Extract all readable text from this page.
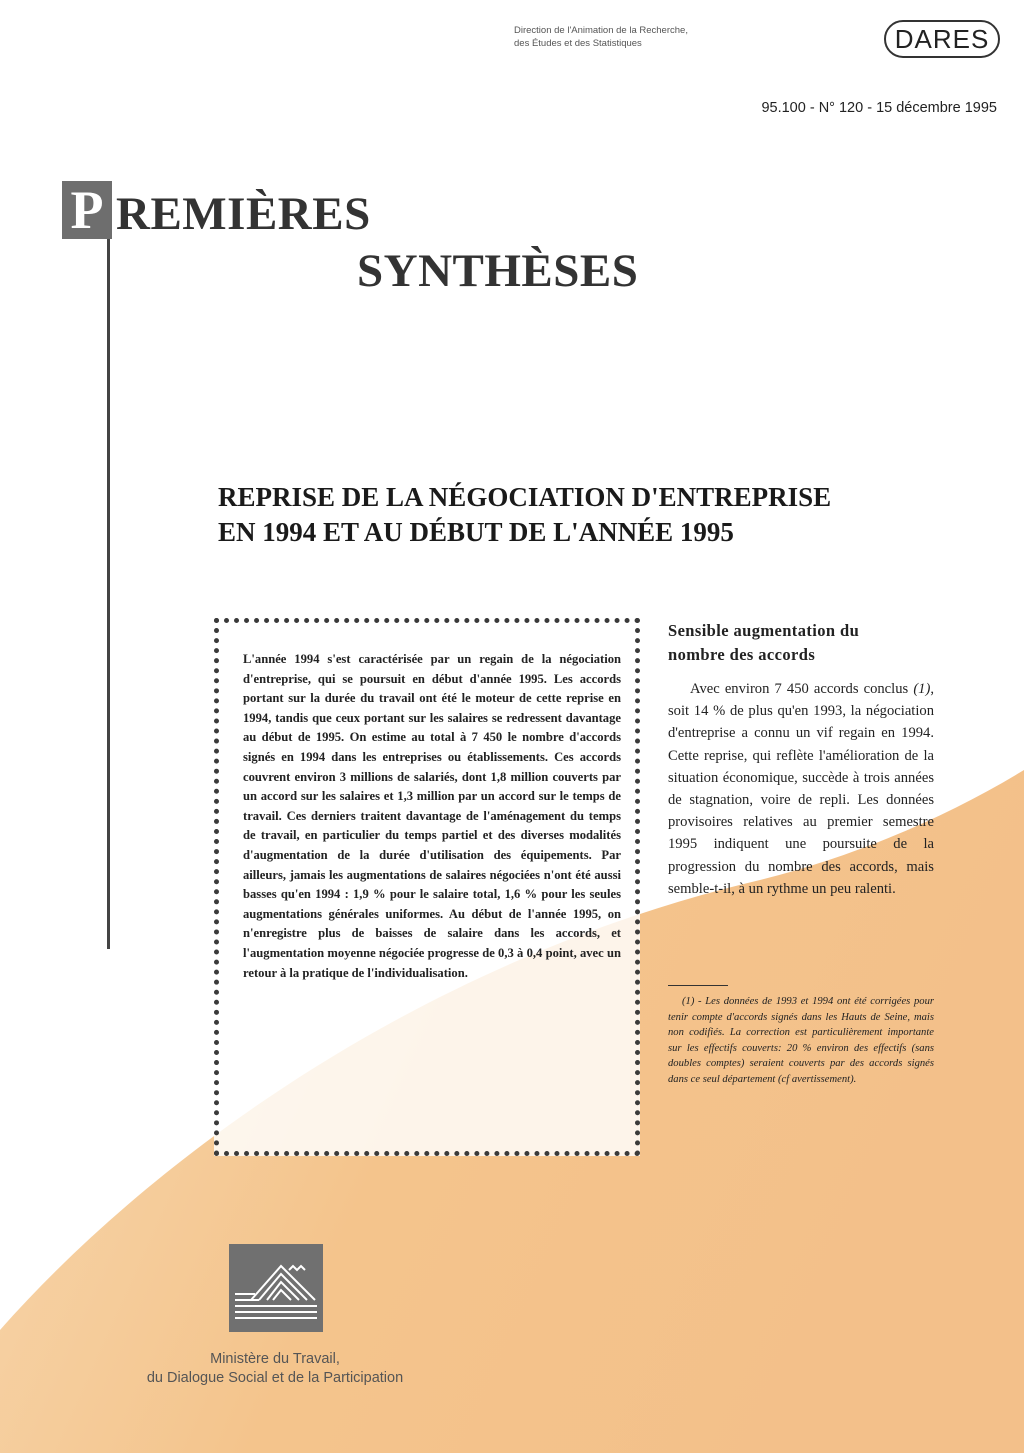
Direction de l'Animation de la Recherche,
des Études et des Statistiques	DARES
95.100 - N° 120 - 15 décembre 1995
P REMIÈRES
SYNTHÈSES
REPRISE DE LA NÉGOCIATION D'ENTREPRISE
EN 1994 ET AU DÉBUT DE L'ANNÉE 1995
L'année 1994 s'est caractérisée par un regain de la négociation d'entreprise, qui se poursuit en début d'année 1995. Les accords portant sur la durée du travail ont été le moteur de cette reprise en 1994, tandis que ceux portant sur les salaires se redressent davantage au début de 1995. On estime au total à 7 450 le nombre d'accords signés en 1994 dans les entreprises ou établissements. Ces accords couvrent environ 3 millions de salariés, dont 1,8 million couverts par un accord sur les salaires et 1,3 million par un accord sur le temps de travail. Ces derniers traitent davantage de l'aménagement du temps de travail, en particulier du temps partiel et des diverses modalités d'augmentation de la durée d'utilisation des équipements. Par ailleurs, jamais les augmentations de salaires négociées n'ont été aussi basses qu'en 1994 : 1,9 % pour le salaire total, 1,6 % pour les seules augmentations générales uniformes. Au début de l'année 1995, on n'enregistre plus de baisses de salaire dans les accords, et l'augmentation moyenne négociée progresse de 0,3 à 0,4 point, avec un retour à la pratique de l'individualisation.
Sensible augmentation du
nombre des accords

Avec environ 7 450 accords conclus (1), soit 14 % de plus qu'en 1993, la négociation d'entreprise a connu un vif regain en 1994. Cette reprise, qui reflète l'amélioration de la situation économique, succède à trois années de stagnation, voire de repli. Les données provisoires relatives au premier semestre 1995 indiquent une poursuite de la progression du nombre des accords, mais semble-t-il, à un rythme un peu ralenti.

(1) - Les données de 1993 et 1994 ont été corrigées pour tenir compte d'accords signés dans les Hauts de Seine, mais non codifiés. La correction est particulièrement importante sur les effectifs couverts: 20 % environ des effectifs (sans doubles comptes) seraient couverts par des accords signés dans ce seul département (cf avertissement).

Ministère du Travail,
du Dialogue Social et de la Participation
